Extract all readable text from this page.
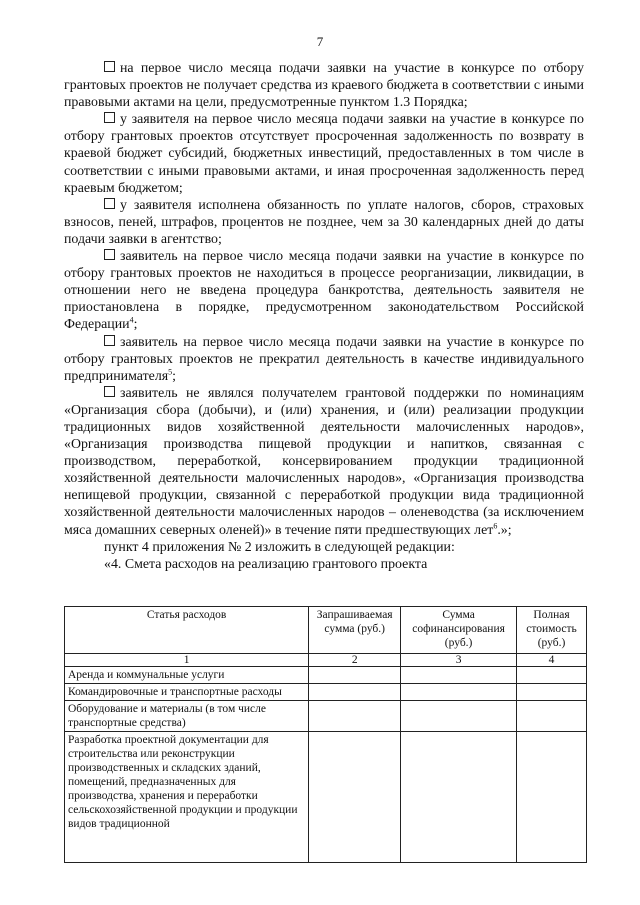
7

на первое число месяца подачи заявки на участие в конкурсе по отбору грантовых проектов не получает средства из краевого бюджета в соответствии с иными правовыми актами на цели, предусмотренные пунктом 1.3 Порядка;

у заявителя на первое число месяца подачи заявки на участие в конкурсе по отбору грантовых проектов отсутствует просроченная задолженность по возврату в краевой бюджет субсидий, бюджетных инвестиций, предоставленных в том числе в соответствии с иными правовыми актами, и иная просроченная задолженность перед краевым бюджетом;

у заявителя исполнена обязанность по уплате налогов, сборов, страховых взносов, пеней, штрафов, процентов не позднее, чем за 30 календарных дней до даты подачи заявки в агентство;

заявитель на первое число месяца подачи заявки на участие в конкурсе по отбору грантовых проектов не находиться в процессе реорганизации, ликвидации, в отношении него не введена процедура банкротства, деятельность заявителя не приостановлена в порядке, предусмотренном законодательством Российской Федерации$^4$;

заявитель на первое число месяца подачи заявки на участие в конкурсе по отбору грантовых проектов не прекратил деятельность в качестве индивидуального предпринимателя$^5$;

заявитель не являлся получателем грантовой поддержки по номинациям «Организация сбора (добычи), и (или) хранения, и (или) реализации продукции традиционных видов хозяйственной деятельности малочисленных народов», «Организация производства пищевой продукции и напитков, связанная с производством, переработкой, консервированием продукции традиционной хозяйственной деятельности малочисленных народов», «Организация производства непищевой продукции, связанной с переработкой продукции вида традиционной хозяйственной деятельности малочисленных народов – оленеводства (за исключением мяса домашних северных оленей)» в течение пяти предшествующих лет$^6$.»;

пункт 4 приложения № 2 изложить в следующей редакции:

«4. Смета расходов на реализацию грантового проекта

Статья расходов	Запрашиваемая сумма (руб.)	Сумма софинансирования (руб.)	Полная стоимость (руб.)
1	2	3	4
Аренда и коммунальные услуги			
Командировочные и транспортные расходы			
Оборудование и материалы (в том числе транспортные средства)			
Разработка проектной документации для строительства или реконструкции производственных и складских зданий, помещений, предназначенных для производства, хранения и переработки сельскохозяйственной продукции и продукции видов традиционной			
